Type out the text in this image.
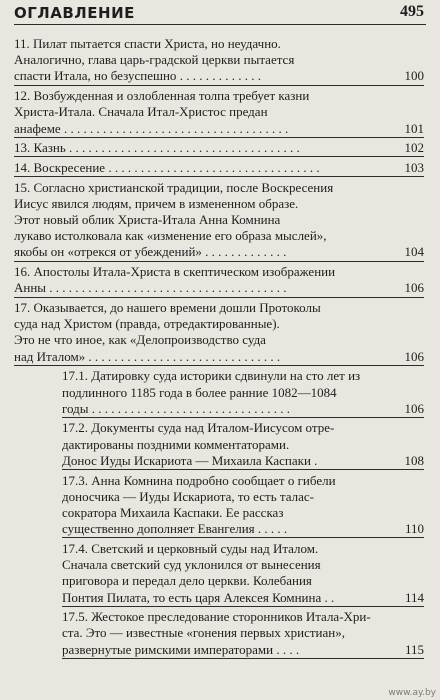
ОГЛАВЛЕНИЕ	495
11. Пилат пытается спасти Христа, но неудачно.
Аналогично, глава царь-градской церкви пытается
спасти Итала, но безуспешно . . . . . . . . . . . . .	100
12. Возбужденная и озлобленная толпа требует казни
Христа-Итала. Сначала Итал-Христос предан
анафеме . . . . . . . . . . . . . . . . . . . . . . . . . . . . . . . . . . .	101
13. Казнь . . . . . . . . . . . . . . . . . . . . . . . . . . . . . . . . . . . .	102
14. Воскресение . . . . . . . . . . . . . . . . . . . . . . . . . . . . . . . . .	103
15. Согласно христианской традиции, после Воскресения
Иисус явился людям, причем в измененном образе.
Этот новый облик Христа-Итала Анна Комнина
лукаво истолковала как «изменение его образа мыслей»,
якобы он «отрекся от убеждений» . . . . . . . . . . . . .	104
16. Апостолы Итала-Христа в скептическом изображении
Анны . . . . . . . . . . . . . . . . . . . . . . . . . . . . . . . . . . . . .	106
17. Оказывается, до нашего времени дошли Протоколы
суда над Христом (правда, отредактированные).
Это не что иное, как «Делопроизводство суда
над Италом» . . . . . . . . . . . . . . . . . . . . . . . . . . . . . .	106
17.1. Датировку суда историки сдвинули на сто лет из
подлинного 1185 года в более ранние 1082—1084
годы . . . . . . . . . . . . . . . . . . . . . . . . . . . . . . .	106
17.2. Документы суда над Италом-Иисусом отре-
дактированы поздними комментаторами.
Донос Иуды Искариота — Михаила Каспаки .	108
17.3. Анна Комнина подробно сообщает о гибели
доносчика — Иуды Искариота, то есть талас-
сократора Михаила Каспаки. Ее рассказ
существенно дополняет Евангелия . . . . .	110
17.4. Светский и церковный суды над Италом.
Сначала светский суд уклонился от вынесения
приговора и передал дело церкви. Колебания
Понтия Пилата, то есть царя Алексея Комнина . .	114
17.5. Жестокое преследование сторонников Итала-Хри-
ста. Это — известные «гонения первых христиан»,
развернутые римскими императорами . . . .	115
www.ay.by
